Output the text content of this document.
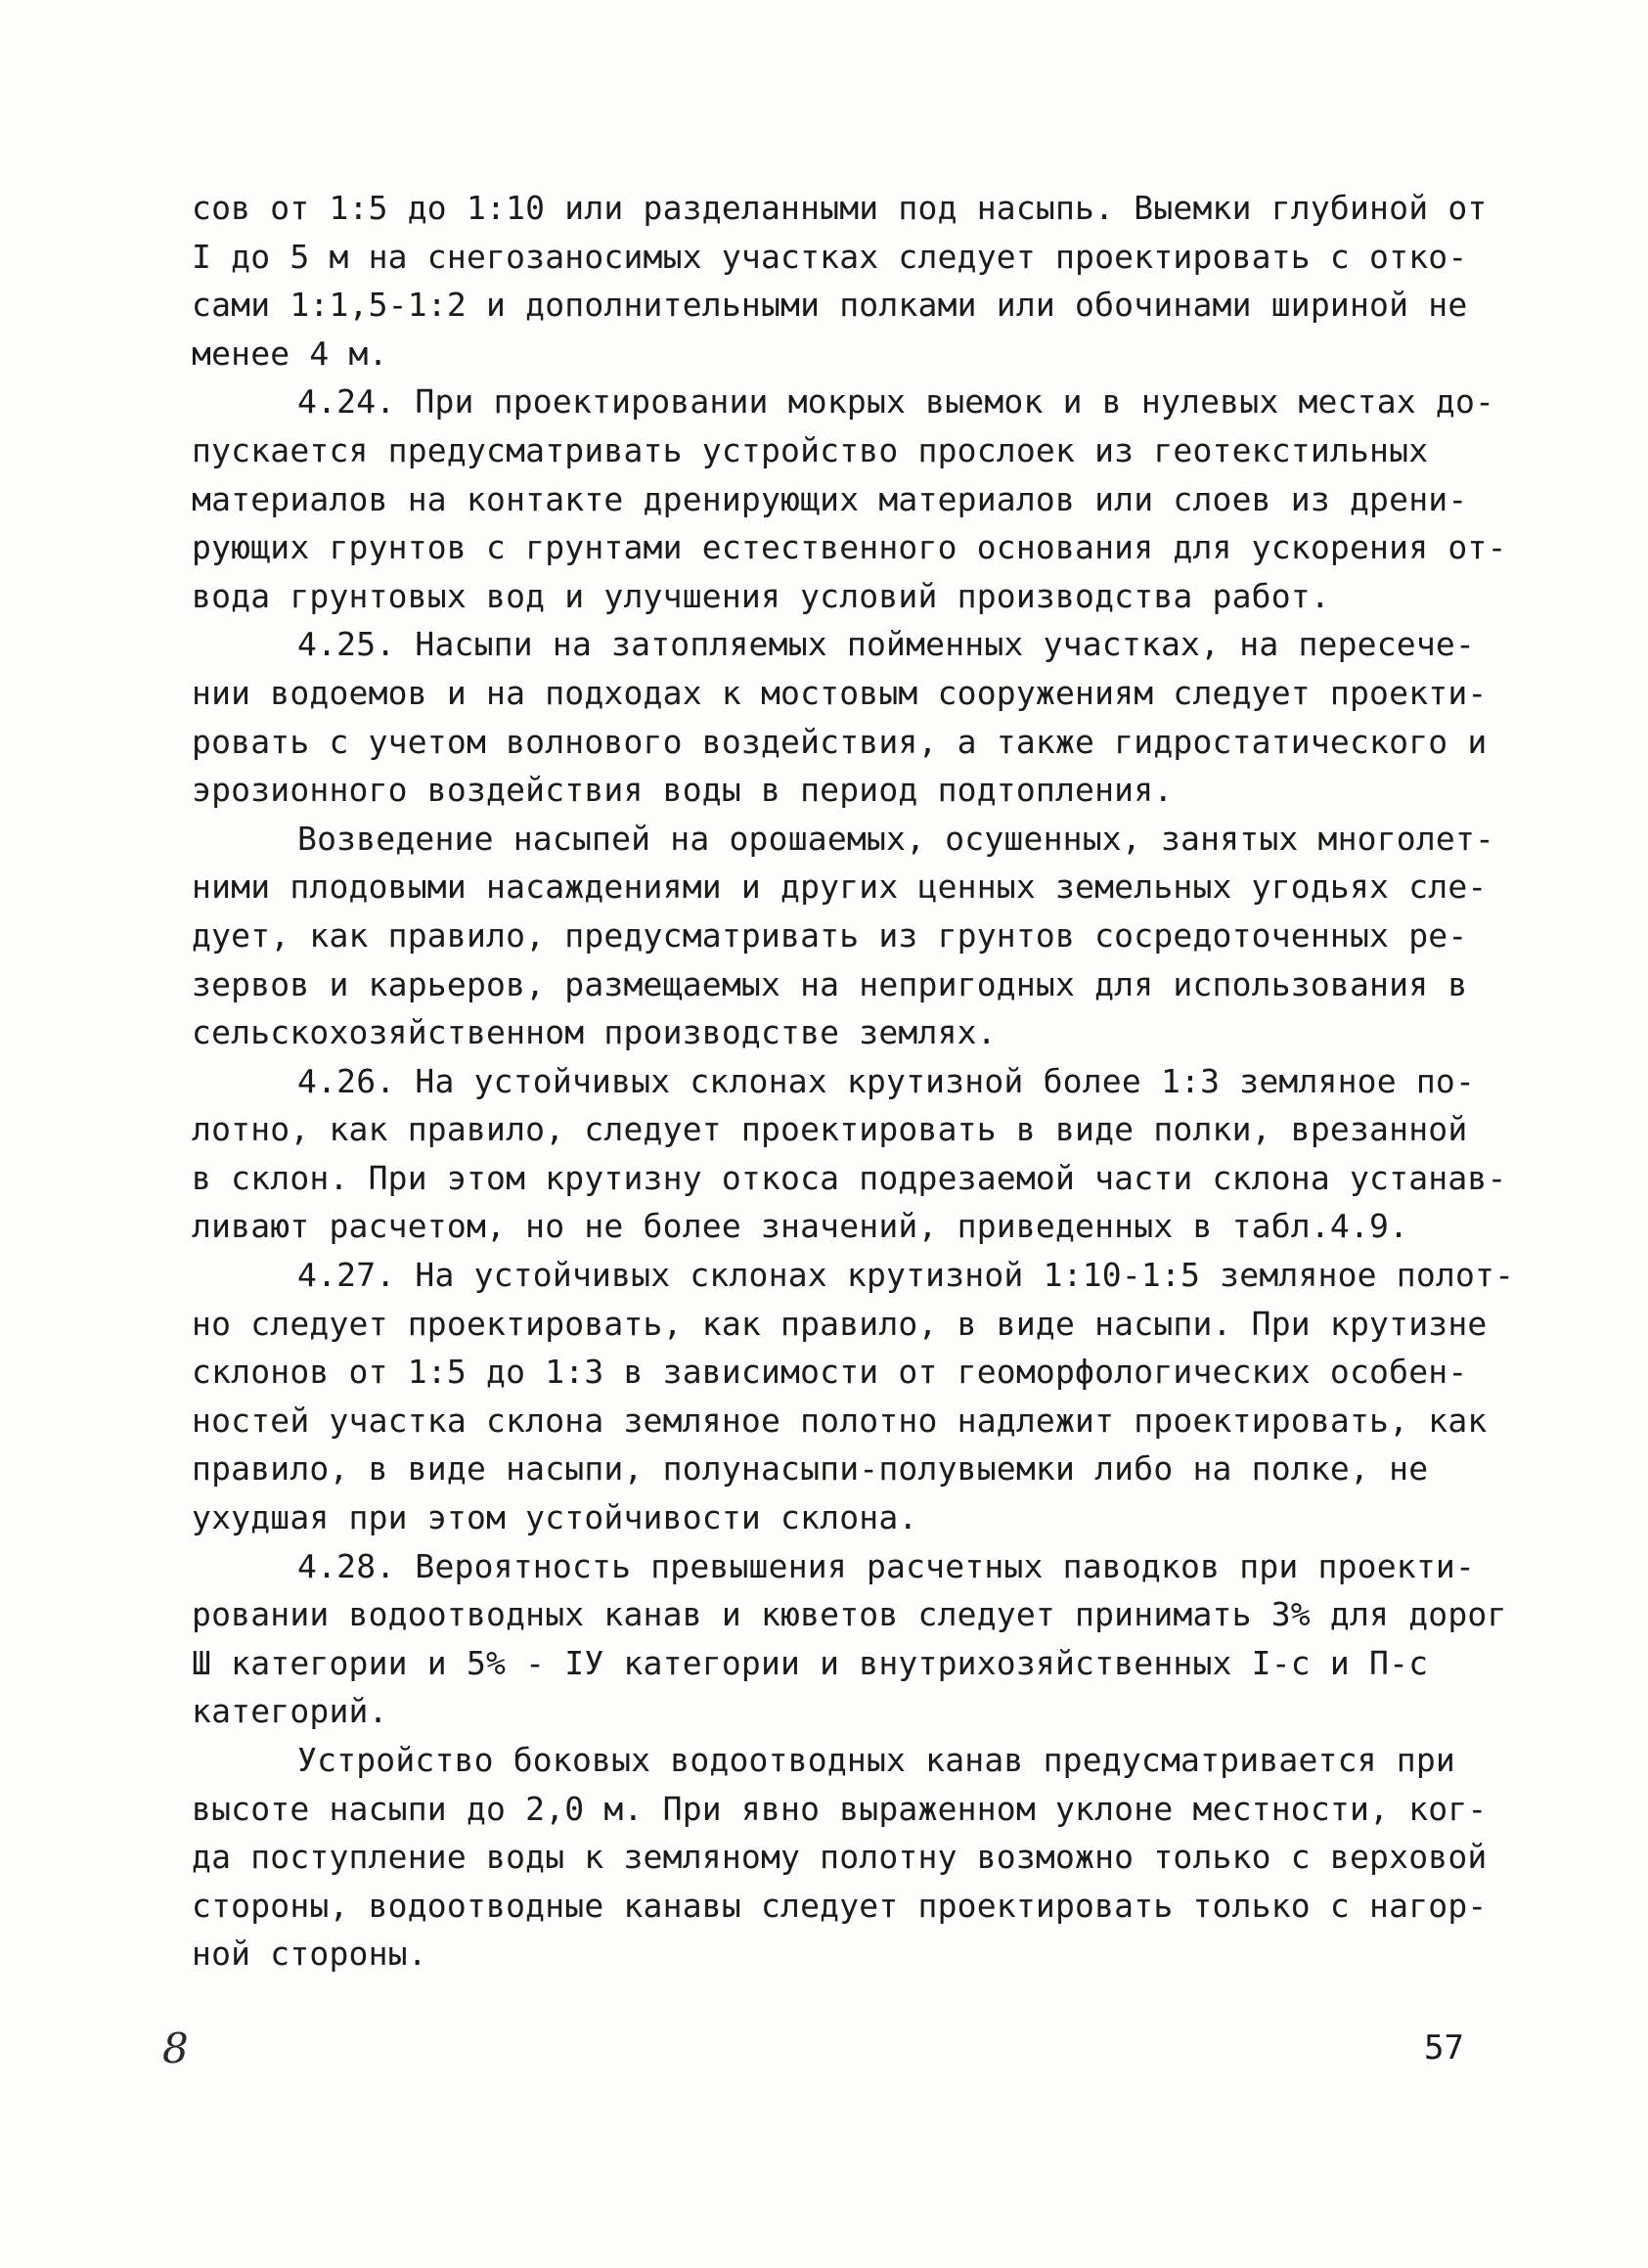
сов от 1:5 до 1:10 или разделанными под насыпь. Выемки глубиной от
I до 5 м на снегозаносимых участках следует проектировать с отко-
сами 1:1,5-1:2 и дополнительными полками или обочинами шириной не
менее 4 м.
4.24. При проектировании мокрых выемок и в нулевых местах до-
пускается предусматривать устройство прослоек из геотекстильных
материалов на контакте дренирующих материалов или слоев из дрени-
рующих грунтов с грунтами естественного основания для ускорения от-
вода грунтовых вод и улучшения условий производства работ.
4.25. Насыпи на затопляемых пойменных участках, на пересече-
нии водоемов и на подходах к мостовым сооружениям следует проекти-
ровать с учетом волнового воздействия, а также гидростатического и
эрозионного воздействия воды в период подтопления.
Возведение насыпей на орошаемых, осушенных, занятых многолет-
ними плодовыми насаждениями и других ценных земельных угодьях сле-
дует, как правило, предусматривать из грунтов сосредоточенных ре-
зервов и карьеров, размещаемых на непригодных для использования в
сельскохозяйственном производстве землях.
4.26. На устойчивых склонах крутизной более 1:3 земляное по-
лотно, как правило, следует проектировать в виде полки, врезанной
в склон. При этом крутизну откоса подрезаемой части склона устанав-
ливают расчетом, но не более значений, приведенных в табл.4.9.
4.27. На устойчивых склонах крутизной 1:10-1:5 земляное полот-
но следует проектировать, как правило, в виде насыпи. При крутизне
склонов от 1:5 до 1:3 в зависимости от геоморфологических особен-
ностей участка склона земляное полотно надлежит проектировать, как
правило, в виде насыпи, полунасыпи-полувыемки либо на полке, не
ухудшая при этом устойчивости склона.
4.28. Вероятность превышения расчетных паводков при проекти-
ровании водоотводных канав и кюветов следует принимать 3% для дорог
Ш категории и 5% - IУ категории и внутрихозяйственных I-с и П-с
категорий.
Устройство боковых водоотводных канав предусматривается при
высоте насыпи до 2,0 м. При явно выраженном уклоне местности, ког-
да поступление воды к земляному полотну возможно только с верховой
стороны, водоотводные канавы следует проектировать только с нагор-
ной стороны.
8	57
